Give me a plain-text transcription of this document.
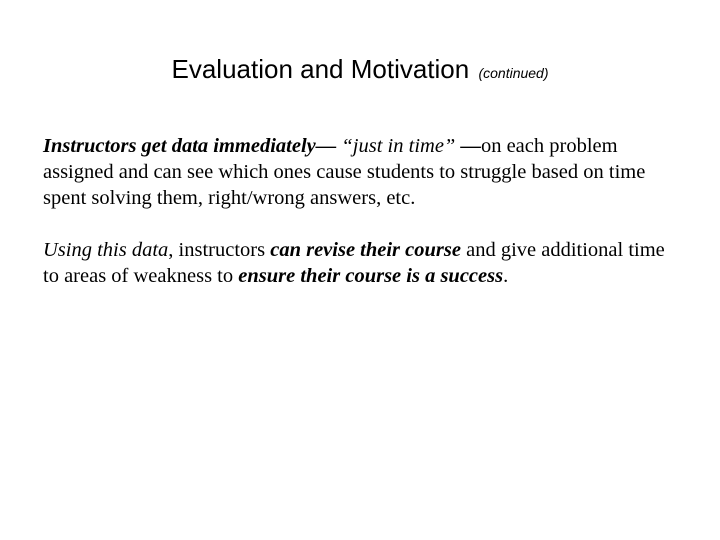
Evaluation and Motivation (continued)

Instructors get data immediately— “just in time” —on each problem assigned and can see which ones cause students to struggle based on time spent solving them, right/wrong answers, etc.

Using this data, instructors can revise their course and give additional time to areas of weakness to ensure their course is a success.
